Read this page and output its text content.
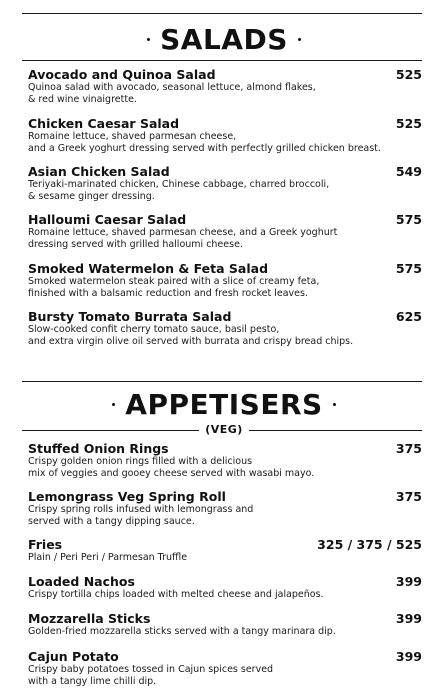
SALADS
Avocado and Quinoa Salad
Quinoa salad with avocado, seasonal lettuce, almond flakes,
& red wine vinaigrette.
525
Chicken Caesar Salad
Romaine lettuce, shaved parmesan cheese,
and a Greek yoghurt dressing served with perfectly grilled chicken breast.
525
Asian Chicken Salad
Teriyaki-marinated chicken, Chinese cabbage, charred broccoli,
& sesame ginger dressing.
549
Halloumi Caesar Salad
Romaine lettuce, shaved parmesan cheese, and a Greek yoghurt
dressing served with grilled halloumi cheese.
575
Smoked Watermelon & Feta Salad
Smoked watermelon steak paired with a slice of creamy feta,
finished with a balsamic reduction and fresh rocket leaves.
575
Bursty Tomato Burrata Salad
Slow-cooked confit cherry tomato sauce, basil pesto,
and extra virgin olive oil served with burrata and crispy bread chips.
625
APPETISERS
(VEG)
Stuffed Onion Rings
Crispy golden onion rings filled with a delicious
mix of veggies and gooey cheese served with wasabi mayo.
375
Lemongrass Veg Spring Roll
Crispy spring rolls infused with lemongrass and
served with a tangy dipping sauce.
375
Fries
Plain / Peri Peri / Parmesan Truffle
325 / 375 / 525
Loaded Nachos
Crispy tortilla chips loaded with melted cheese and jalapeños.
399
Mozzarella Sticks
Golden-fried mozzarella sticks served with a tangy marinara dip.
399
Cajun Potato
Crispy baby potatoes tossed in Cajun spices served
with a tangy lime chilli dip.
399
